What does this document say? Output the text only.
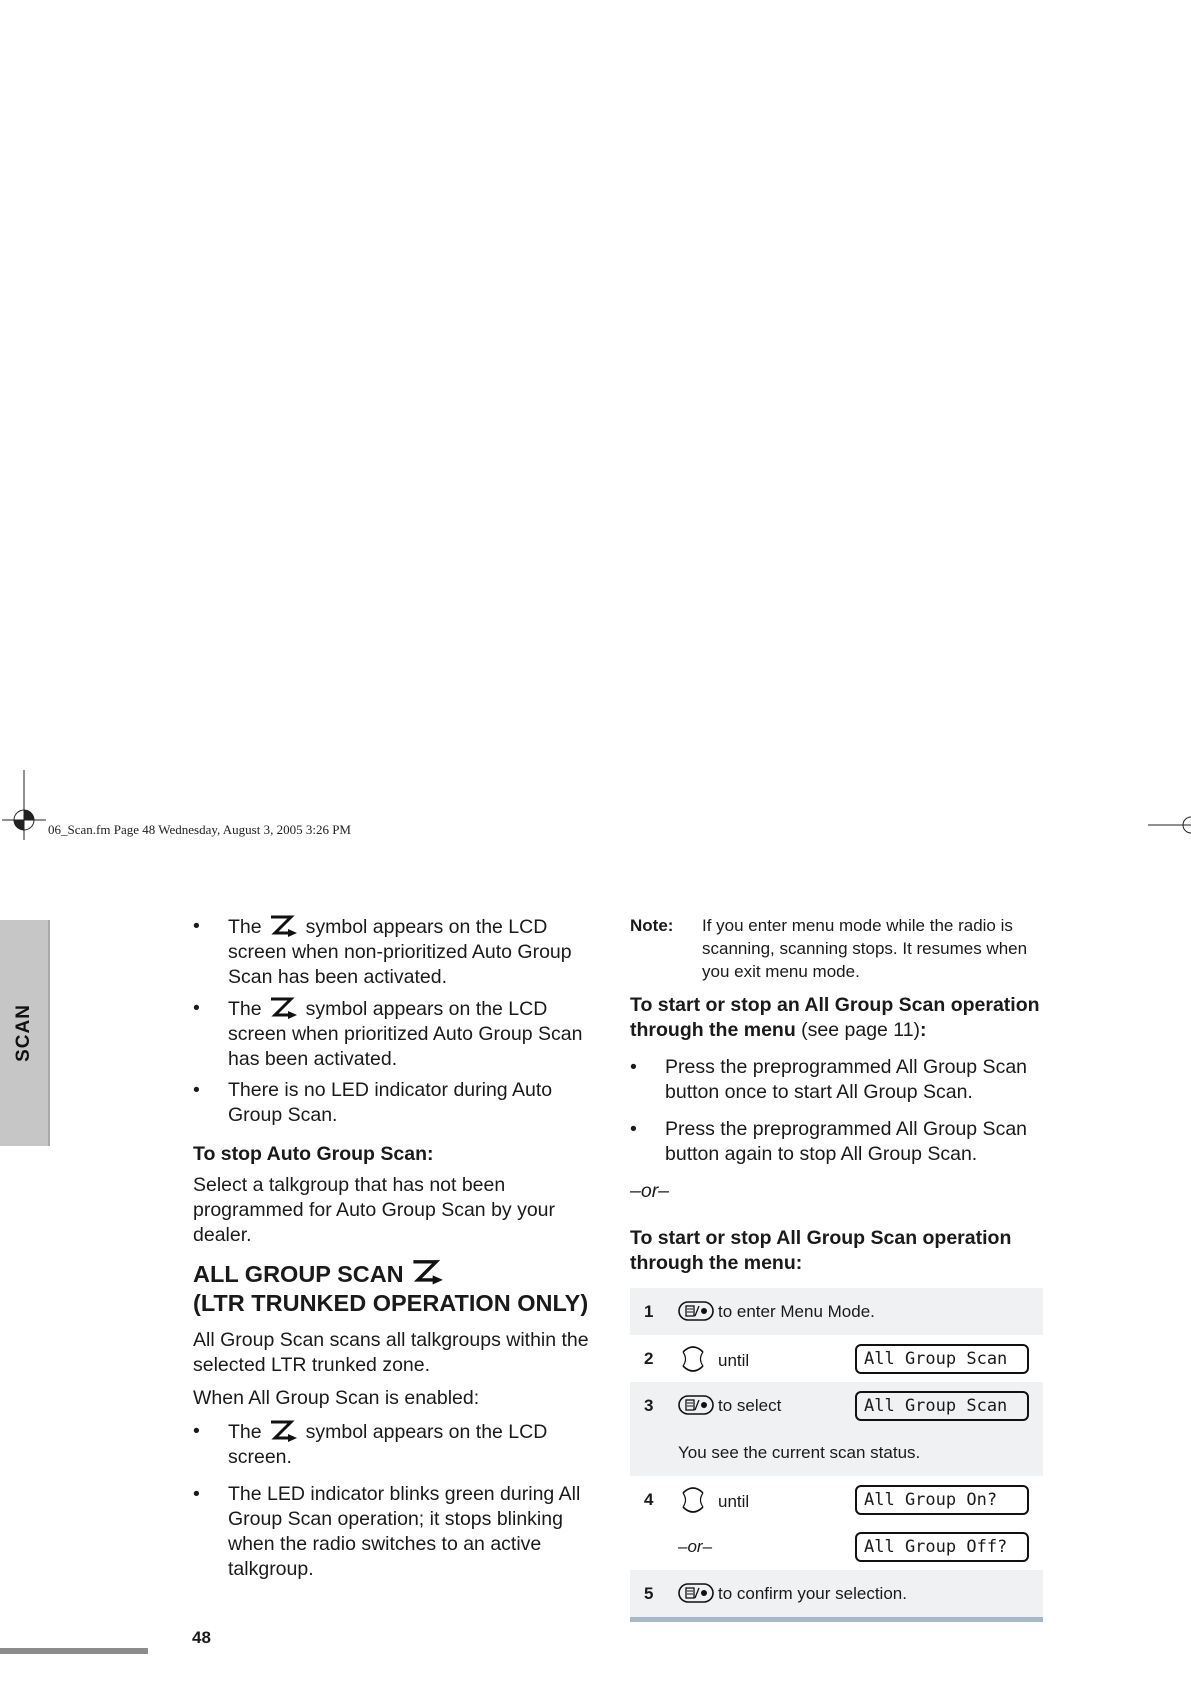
06_Scan.fm Page 48 Wednesday, August 3, 2005 3:26 PM
SCAN
• The symbol appears on the LCD screen when non-prioritized Auto Group Scan has been activated.
• The symbol appears on the LCD screen when prioritized Auto Group Scan has been activated.
• There is no LED indicator during Auto Group Scan.
To stop Auto Group Scan:

Select a talkgroup that has not been programmed for Auto Group Scan by your dealer.

ALL GROUP SCAN
(LTR TRUNKED OPERATION ONLY)

All Group Scan scans all talkgroups within the selected LTR trunked zone.

When All Group Scan is enabled:

• The symbol appears on the LCD screen.
• The LED indicator blinks green during All Group Scan operation; it stops blinking when the radio switches to an active talkgroup.
Note:	If you enter menu mode while the radio is scanning, scanning stops. It resumes when you exit menu mode.
To start or stop an All Group Scan operation through the menu (see page 11):
• Press the preprogrammed All Group Scan button once to start All Group Scan.
• Press the preprogrammed All Group Scan button again to stop All Group Scan.
–or–
To start or stop All Group Scan operation through the menu:
1	to enter Menu Mode.	
2	until	All Group Scan
3	to select	All Group Scan
	You see the current scan status.	
4	until	All Group On?
	–or–	All Group Off?
5	to confirm your selection.	
48
